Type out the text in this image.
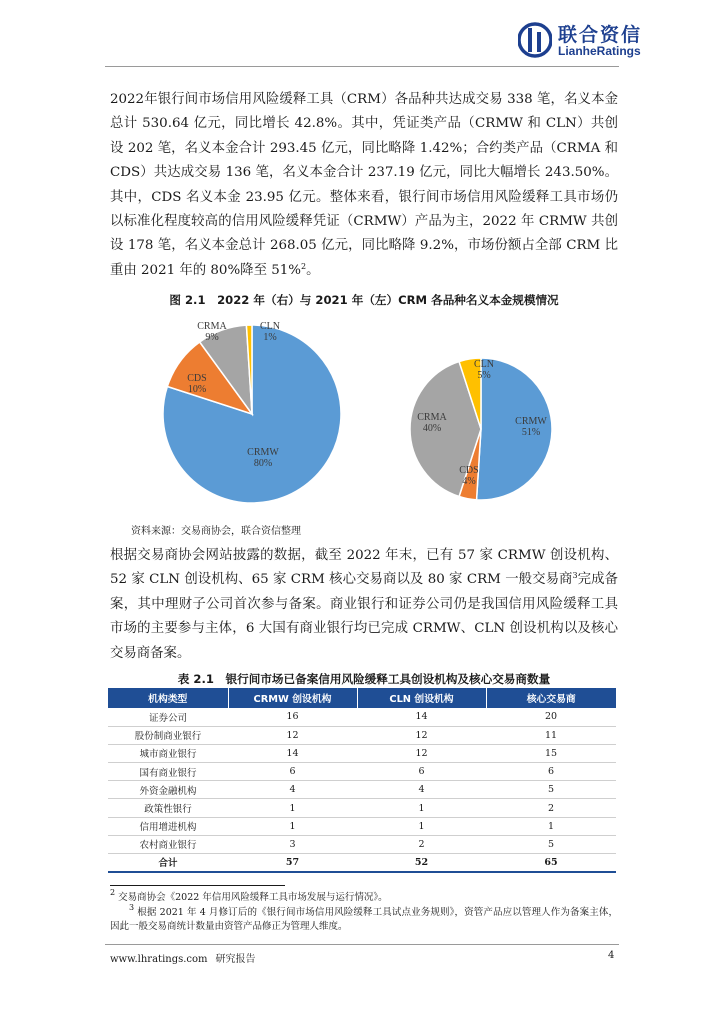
联合资信
LianheRatings
2022年银行间市场信用风险缓释工具（CRM）各品种共达成交易 338 笔，名义本金总计 530.64 亿元，同比增长 42.8%。其中，凭证类产品（CRMW 和 CLN）共创设 202 笔，名义本金合计 293.45 亿元，同比略降 1.42%；合约类产品（CRMA 和 CDS）共达成交易 136 笔，名义本金合计 237.19 亿元，同比大幅增长 243.50%。其中，CDS 名义本金 23.95 亿元。整体来看，银行间市场信用风险缓释工具市场仍以标准化程度较高的信用风险缓释凭证（CRMW）产品为主，2022 年 CRMW 共创设 178 笔，名义本金总计 268.05 亿元，同比略降 9.2%，市场份额占全部 CRM 比重由 2021 年的 80%降至 51%$^2$。
图 2.1　2022 年（右）与 2021 年（左）CRM 各品种名义本金规模情况
CRMW
80%
CDS
10%
CRMA
9%
CLN
1%
CRMW
51%
CDS
4%
CRMA
40%
CLN
5%
资料来源：交易商协会，联合资信整理
根据交易商协会网站披露的数据，截至 2022 年末，已有 57 家 CRMW 创设机构、52 家 CLN 创设机构、65 家 CRM 核心交易商以及 80 家 CRM 一般交易商$^3$完成备案，其中理财子公司首次参与备案。商业银行和证券公司仍是我国信用风险缓释工具市场的主要参与主体，6 大国有商业银行均已完成 CRMW、CLN 创设机构以及核心交易商备案。
表 2.1　银行间市场已备案信用风险缓释工具创设机构及核心交易商数量
机构类型	CRMW 创设机构	CLN 创设机构	核心交易商
证券公司	16	14	20
股份制商业银行	12	12	11
城市商业银行	14	12	15
国有商业银行	6	6	6
外资金融机构	4	4	5
政策性银行	1	1	2
信用增进机构	1	1	1
农村商业银行	3	2	5
合计	57	52	65
$^2$ 交易商协会《2022 年信用风险缓释工具市场发展与运行情况》。
$^3$ 根据 2021 年 4 月修订后的《银行间市场信用风险缓释工具试点业务规则》，资管产品应以管理人作为备案主体，因此一般交易商统计数量由资管产品修正为管理人维度。
www.lhratings.com 研究报告	4
